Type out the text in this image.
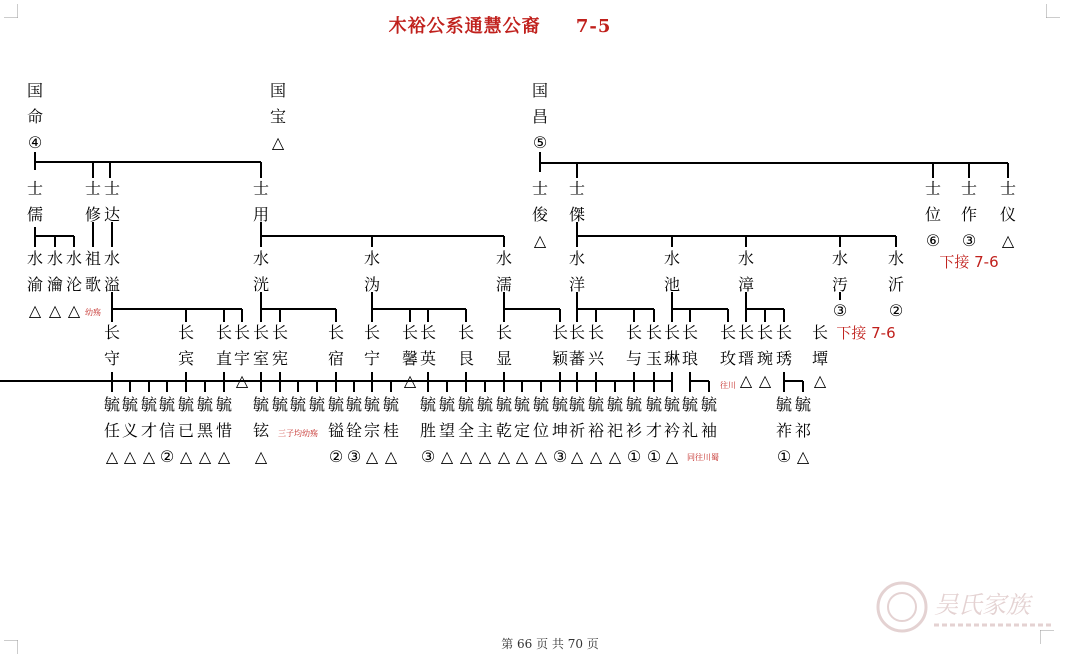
木裕公系通慧公裔 7-5
国
命
④
国
宝
△
国
昌
⑤
士
儒
士
修
士
达
士
用
士
俊
△
士
傑
士
位
⑥
士
作
③
士
仪
△
水
渝
△
水
瀹
△
水
沦
△ 幼殇
祖
歌
水
溢
水
洸
水
沩
水
濡
水
洋
水
池
水
漳
水
汚
③
水
沂
②
下接 7-6
长
守
长
宾
长
直
长
宇
长
室
长
宪
长
宿
长
宁
长
馨
长
英
长
艮
长
显
长
颖
长
蕃
长
兴
长
与
长
玉
长
琳
长
琅
长
玫
长
瑨
长
琬
长
琇
长
墰
△	△	△ △	△
下接 7-6
往川
毓
任
△
毓
义
△
毓
才
△
毓
信
②
毓
已
△
毓
黑
△
毓
惜
△
毓
铉
△
毓 毓 毓 毓
镒
②
毓
铨
③
毓
宗
△
毓
桂
△
毓
胜
③
毓
望
△
毓
全
△
毓
主
△
毓
乾
△
毓
定
△
毓
位
△
毓
坤
③
毓
祈
△
毓
裕
△
毓
祀
△
毓
衫
①
毓
才
①
毓
衿
△
毓
礼
毓
袖
毓
祚
①
毓
祁
△
三子均幼殇
同往川蜀
吴氏家族
第 66 页 共 70 页
